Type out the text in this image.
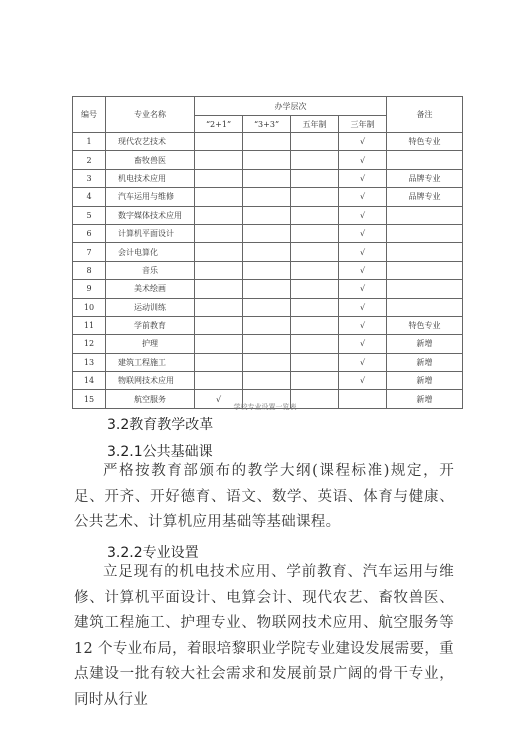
编号	专业名称	办学层次				备注
		“2+1”	“3+3”	五年制	三年制	
1	现代农艺技术				√	特色专业
2	畜牧兽医				√	
3	机电技术应用				√	品牌专业
4	汽车运用与维修				√	品牌专业
5	数字媒体技术应用				√	
6	计算机平面设计				√	
7	会计电算化				√	
8	音乐				√	
9	美术绘画				√	
10	运动训练				√	
11	学前教育				√	特色专业
12	护理				√	新增
13	建筑工程施工				√	新增
14	物联网技术应用				√	新增
15	航空服务	√				新增
学校专业设置一览表
3.2教育教学改革
3.2.1公共基础课
严格按教育部颁布的教学大纲(课程标准)规定，开足、开齐、开好德育、语文、数学、英语、体育与健康、公共艺术、计算机应用基础等基础课程。
3.2.2专业设置
立足现有的机电技术应用、学前教育、汽车运用与维修、计算机平面设计、电算会计、现代农艺、畜牧兽医、建筑工程施工、护理专业、物联网技术应用、航空服务等 12 个专业布局，着眼培黎职业学院专业建设发展需要，重点建设一批有较大社会需求和发展前景广阔的骨干专业，同时从行业
